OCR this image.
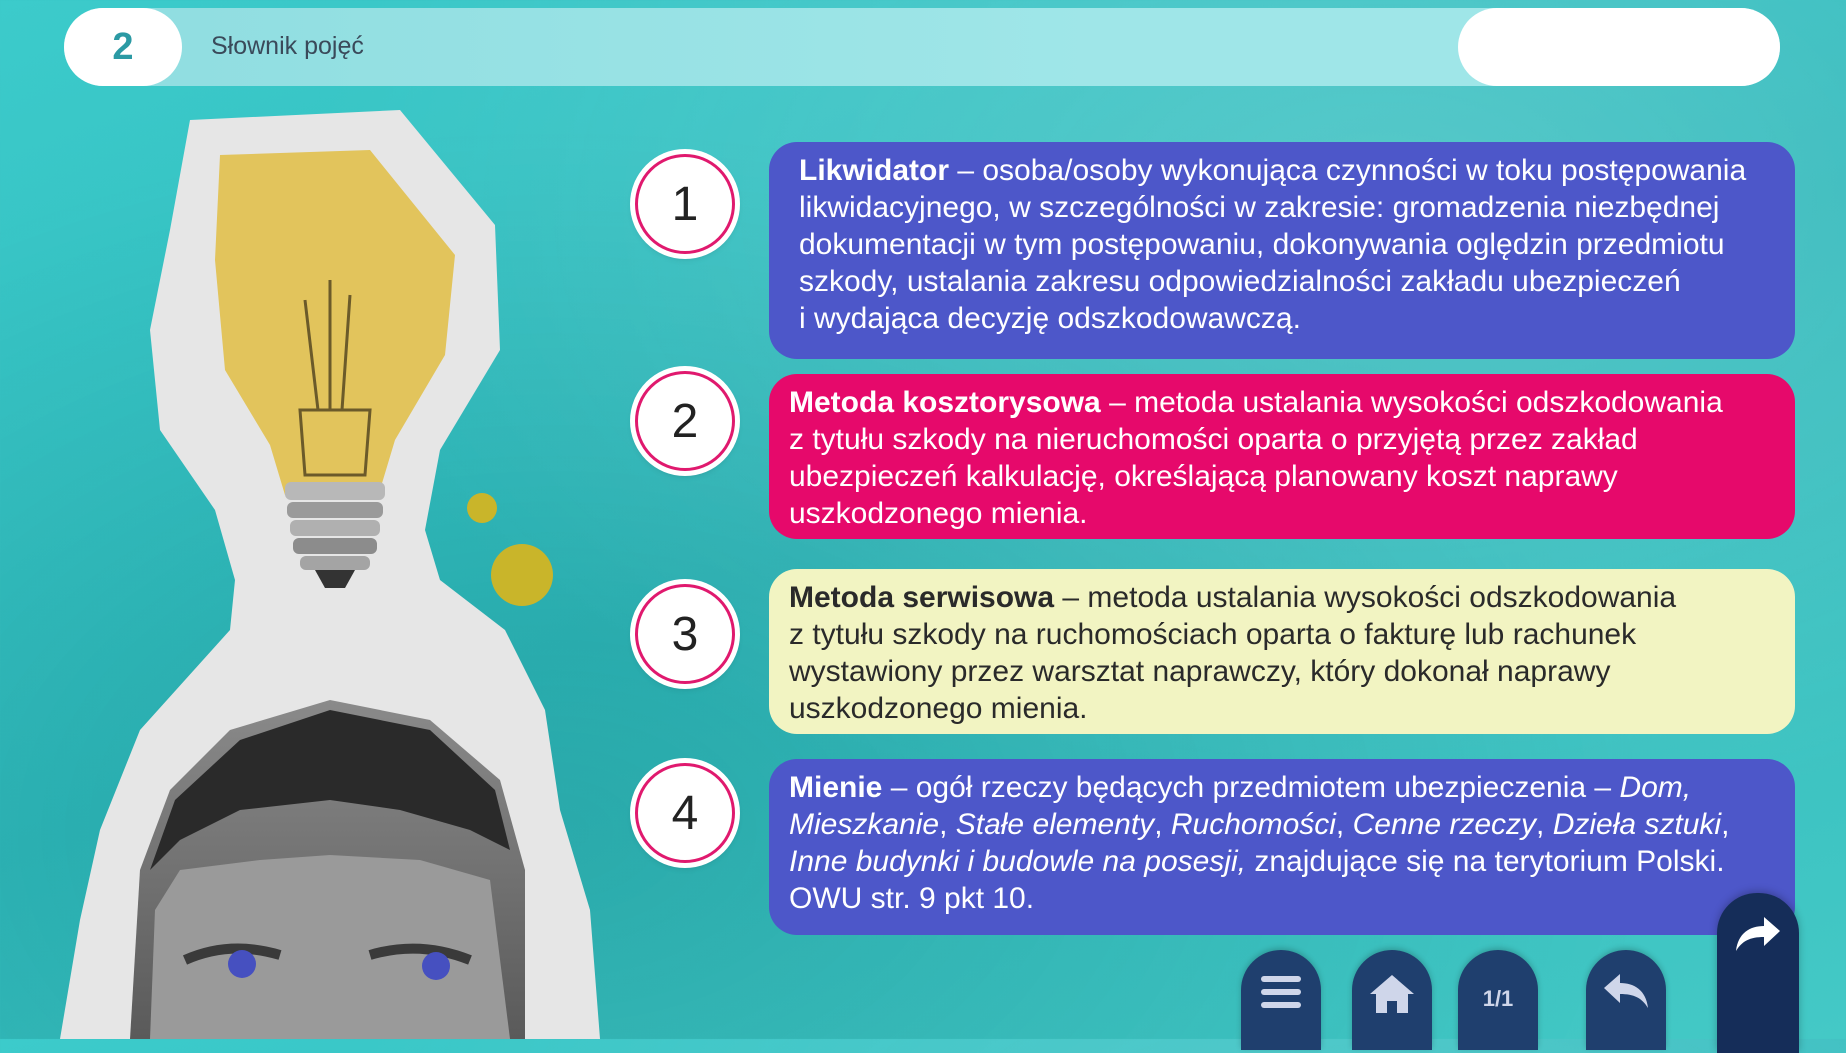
2	Słownik pojęć
1
2
3
4
Likwidator – osoba/osoby wykonująca czynności w toku postępowania
likwidacyjnego, w szczególności w zakresie: gromadzenia niezbędnej
dokumentacji w tym postępowaniu, dokonywania oględzin przedmiotu
szkody, ustalania zakresu odpowiedzialności zakładu ubezpieczeń
i wydająca decyzję odszkodowawczą.
Metoda kosztorysowa – metoda ustalania wysokości odszkodowania
z tytułu szkody na nieruchomości oparta o przyjętą przez zakład
ubezpieczeń kalkulację, określającą planowany koszt naprawy
uszkodzonego mienia.
Metoda serwisowa – metoda ustalania wysokości odszkodowania
z tytułu szkody na ruchomościach oparta o fakturę lub rachunek
wystawiony przez warsztat naprawczy, który dokonał naprawy
uszkodzonego mienia.
Mienie – ogół rzeczy będących przedmiotem ubezpieczenia – Dom,
Mieszkanie, Stałe elementy, Ruchomości, Cenne rzeczy, Dzieła sztuki,
Inne budynki i budowle na posesji, znajdujące się na terytorium Polski.
OWU str. 9 pkt 10.
1/1
